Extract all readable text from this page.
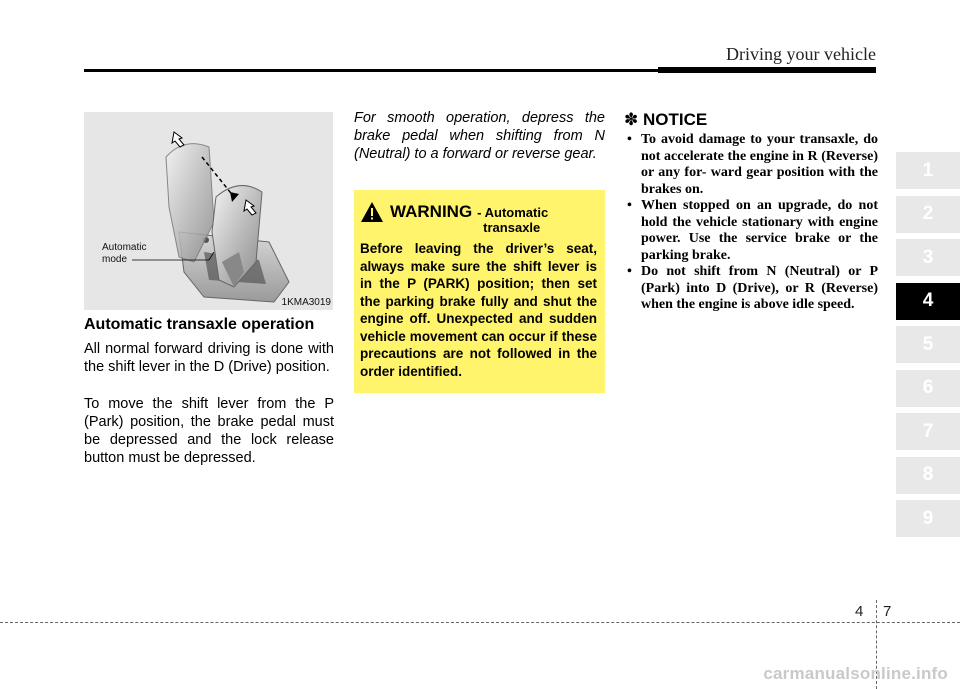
Driving your vehicle
Automatic
mode
1KMA3019
Automatic transaxle operation

All normal forward driving is done with the shift lever in the D (Drive) position.

To move the shift lever from the P (Park) position, the brake pedal must be depressed and the lock release button must be depressed.

For smooth operation, depress the brake pedal when shifting from N (Neutral) to a forward or reverse gear.

WARNING - Automatic
transaxle

Before leaving the driver’s seat, always make sure the shift lever is in the P (PARK) position; then set the parking brake fully and shut the engine off. Unexpected and sudden vehicle movement can occur if these precautions are not followed in the order identified.

✽ NOTICE
• To avoid damage to your transaxle, do not accelerate the engine in R (Reverse) or any for- ward gear position with the brakes on.
• When stopped on an upgrade, do not hold the vehicle stationary with engine power. Use the service brake or the parking brake.
• Do not shift from N (Neutral) or P (Park) into D (Drive), or R (Reverse) when the engine is above idle speed.
1
2
3
4
5
6
7
8
9
4 7
carmanualsonline.info
